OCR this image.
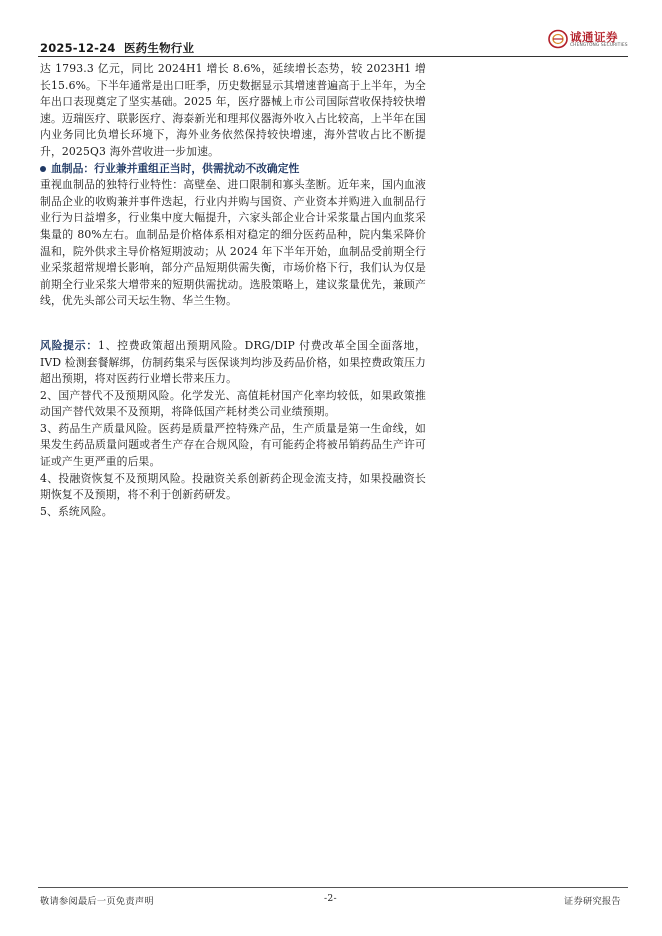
2025-12-24 医药生物行业
诚通证券
CHENGTONG SECURITIES

达 1793.3 亿元，同比 2024H1 增长 8.6%，延续增长态势，较 2023H1 增长15.6%。下半年通常是出口旺季，历史数据显示其增速普遍高于上半年，为全年出口表现奠定了坚实基础。2025 年，医疗器械上市公司国际营收保持较快增速。迈瑞医疗、联影医疗、海泰新光和理邦仪器海外收入占比较高，上半年在国内业务同比负增长环境下，海外业务依然保持较快增速，海外营收占比不断提升，2025Q3 海外营收进一步加速。

血制品：行业兼并重组正当时，供需扰动不改确定性

重视血制品的独特行业特性：高壁垒、进口限制和寡头垄断。近年来，国内血液制品企业的收购兼并事件迭起，行业内并购与国资、产业资本并购进入血制品行业行为日益增多，行业集中度大幅提升，六家头部企业合计采浆量占国内血浆采集量的 80%左右。血制品是价格体系相对稳定的细分医药品种，院内集采降价温和，院外供求主导价格短期波动；从 2024 年下半年开始，血制品受前期全行业采浆超常规增长影响，部分产品短期供需失衡，市场价格下行，我们认为仅是前期全行业采浆大增带来的短期供需扰动。选股策略上，建议浆量优先，兼顾产线，优先头部公司天坛生物、华兰生物。

风险提示：1、控费政策超出预期风险。DRG/DIP 付费改革全国全面落地，IVD 检测套餐解绑，仿制药集采与医保谈判均涉及药品价格，如果控费政策压力超出预期，将对医药行业增长带来压力。

2、国产替代不及预期风险。化学发光、高值耗材国产化率均较低，如果政策推动国产替代效果不及预期，将降低国产耗材类公司业绩预期。

3、药品生产质量风险。医药是质量严控特殊产品，生产质量是第一生命线，如果发生药品质量问题或者生产存在合规风险，有可能药企将被吊销药品生产许可证或产生更严重的后果。

4、投融资恢复不及预期风险。投融资关系创新药企现金流支持，如果投融资长期恢复不及预期，将不利于创新药研发。

5、系统风险。

敬请参阅最后一页免责声明	-2-	证券研究报告
